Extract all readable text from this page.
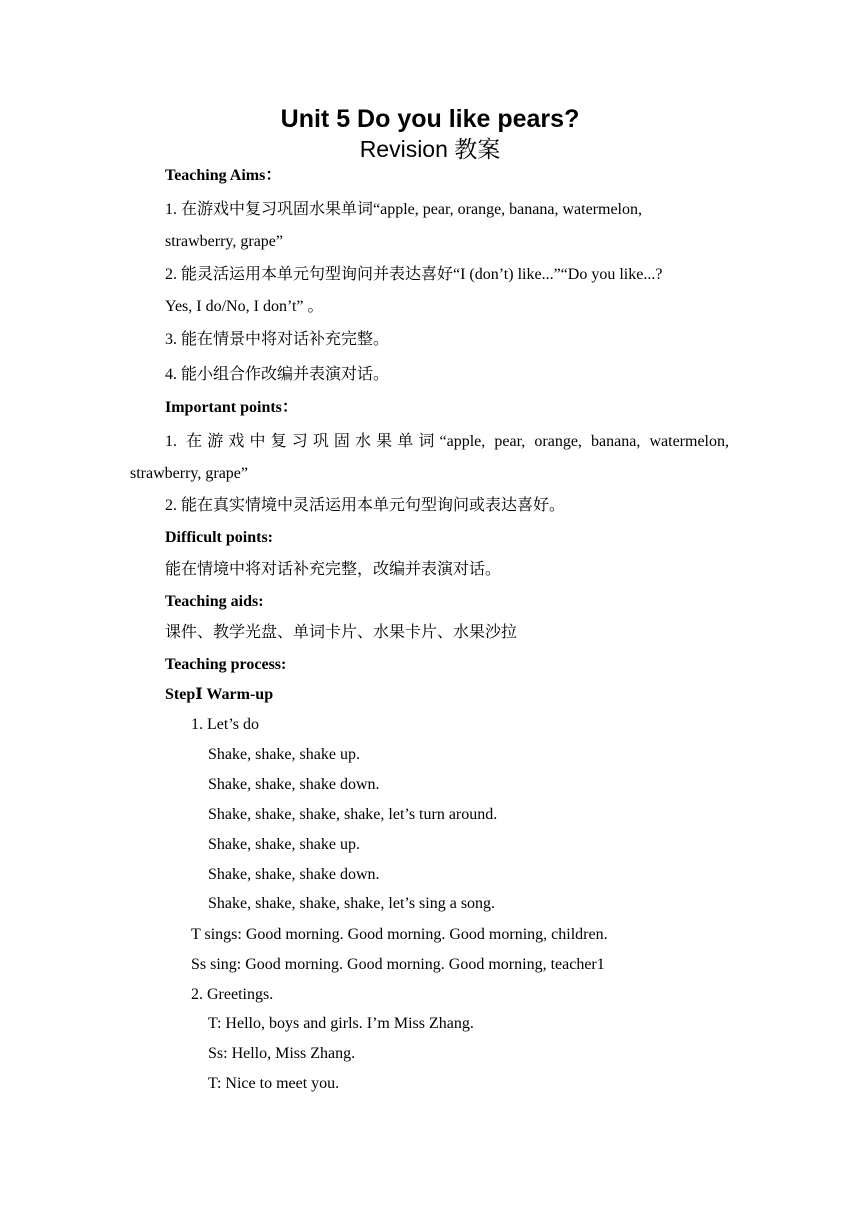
Unit 5 Do you like pears?
Revision 教案
Teaching Aims：
1. 在游戏中复习巩固水果单词“apple, pear, orange, banana, watermelon,
strawberry, grape”
2. 能灵活运用本单元句型询问并表达喜好“I (don’t) like...”“Do you like...?
Yes, I do/No, I don’t” 。
3. 能在情景中将对话补充完整。
4. 能小组合作改编并表演对话。
Important points：
1. 在游戏中复习巩固水果单词“apple, pear, orange, banana, watermelon,
strawberry, grape”
2. 能在真实情境中灵活运用本单元句型询问或表达喜好。
Difficult points:
能在情境中将对话补充完整，改编并表演对话。
Teaching aids:
课件、教学光盘、单词卡片、水果卡片、水果沙拉
Teaching process:
StepⅠ Warm-up
1. Let’s do
Shake, shake, shake up.
Shake, shake, shake down.
Shake, shake, shake, shake, let’s turn around.
Shake, shake, shake up.
Shake, shake, shake down.
Shake, shake, shake, shake, let’s sing a song.
T sings: Good morning. Good morning. Good morning, children.
Ss sing: Good morning. Good morning. Good morning, teacher1
2. Greetings.
T: Hello, boys and girls. I’m Miss Zhang.
Ss: Hello, Miss Zhang.
T: Nice to meet you.
